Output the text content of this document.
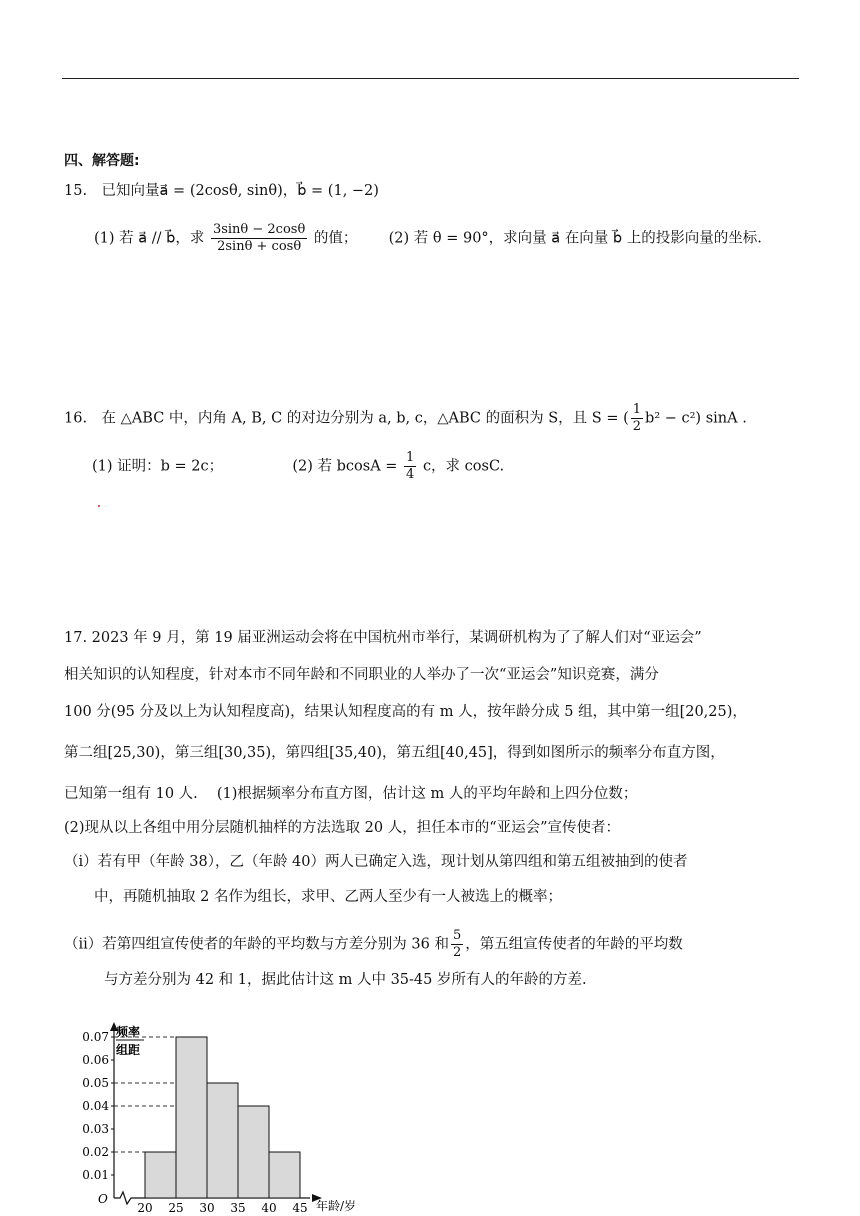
四、解答题:
15.　已知向量a⃗ = (2cosθ, sinθ)，b⃗ = (1, −2)
(1) 若 a⃗ // b⃗，求 $\frac{3\sin\theta - 2\cos\theta}{2\sin\theta + \cos\theta}$ 的值； (2) 若 θ = 90°，求向量 a⃗ 在向量 b⃗ 上的投影向量的坐标.
16.　在 △ABC 中，内角 A, B, C 的对边分别为 a, b, c，△ABC 的面积为 S，且 S = ( $\frac{1}{2} b^2 - c^2$) sinA .
(1) 证明：b = 2c；	(2) 若 $bcosA = \frac{1}{4}$ c，求 cosC.
17. 2023 年 9 月，第 19 届亚洲运动会将在中国杭州市举行，某调研机构为了了解人们对“亚运会”
相关知识的认知程度，针对本市不同年龄和不同职业的人举办了一次“亚运会”知识竞赛，满分
100 分(95 分及以上为认知程度高)，结果认知程度高的有 m 人，按年龄分成 5 组，其中第一组[20,25)，
第二组[25,30)，第三组[30,35)，第四组[35,40)，第五组[40,45]，得到如图所示的频率分布直方图，
已知第一组有 10 人.　 (1)根据频率分布直方图，估计这 m 人的平均年龄和上四分位数；
(2)现从以上各组中用分层随机抽样的方法选取 20 人，担任本市的“亚运会”宣传使者：
（i）若有甲（年龄 38），乙（年龄 40）两人已确定入选，现计划从第四组和第五组被抽到的使者
中，再随机抽取 2 名作为组长，求甲、乙两人至少有一人被选上的概率；
（ii）若第四组宣传使者的年龄的平均数与方差分别为 36 和 $\frac{5}{2}$ ，第五组宣传使者的年龄的平均数
与方差分别为 42 和 1，据此估计这 m 人中 35-45 岁所有人的年龄的方差.
频率
组距
O	年龄/岁
0.01
0.02
0.03
0.04
0.05
0.06
0.07
20 25 30 35 40 45
